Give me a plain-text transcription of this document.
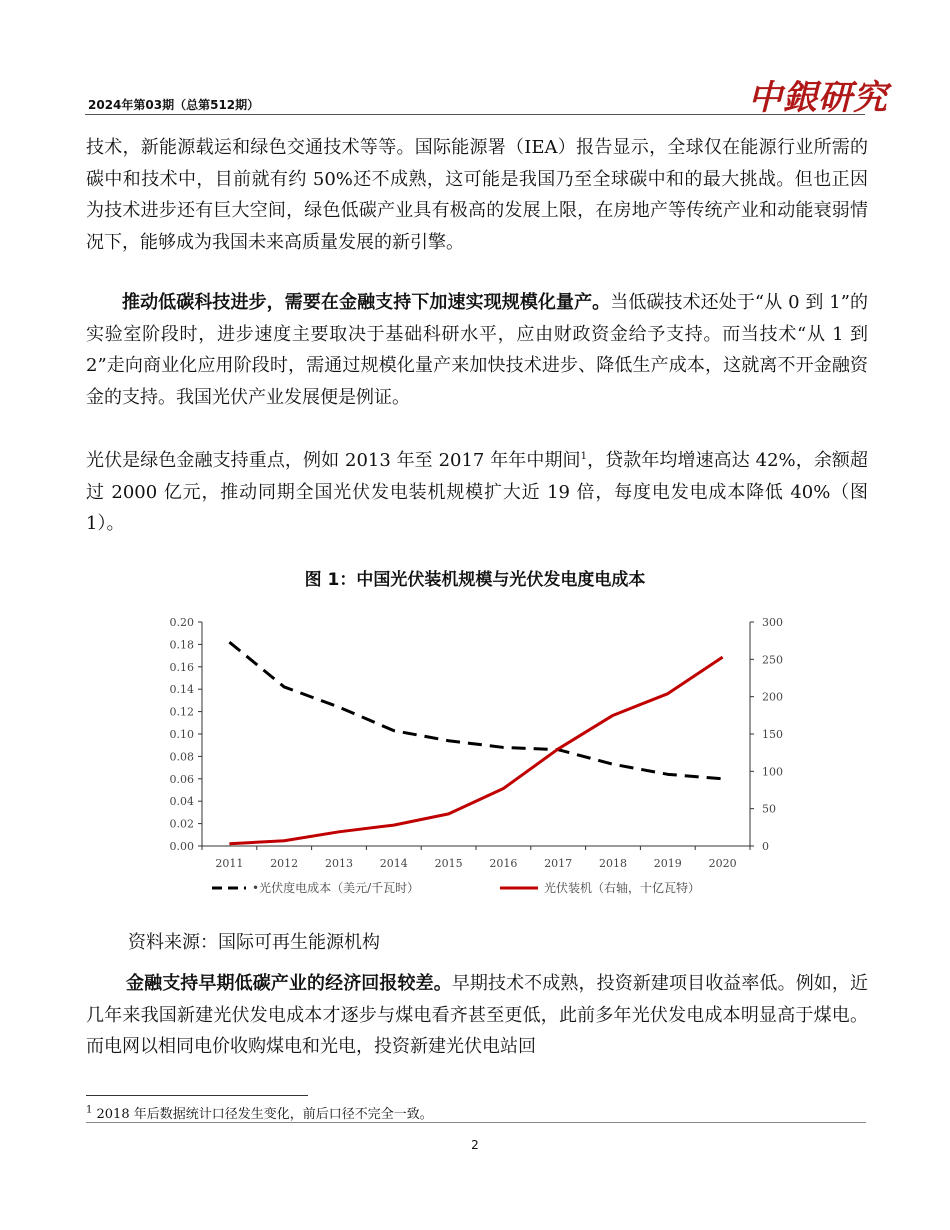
2024年第03期（总第512期）	中銀研究

技术，新能源载运和绿色交通技术等等。国际能源署（IEA）报告显示，全球仅在能源行业所需的碳中和技术中，目前就有约 50%还不成熟，这可能是我国乃至全球碳中和的最大挑战。但也正因为技术进步还有巨大空间，绿色低碳产业具有极高的发展上限，在房地产等传统产业和动能衰弱情况下，能够成为我国未来高质量发展的新引擎。

推动低碳科技进步，需要在金融支持下加速实现规模化量产。当低碳技术还处于“从 0 到 1”的实验室阶段时，进步速度主要取决于基础科研水平，应由财政资金给予支持。而当技术“从 1 到 2”走向商业化应用阶段时，需通过规模化量产来加快技术进步、降低生产成本，这就离不开金融资金的支持。我国光伏产业发展便是例证。

光伏是绿色金融支持重点，例如 2013 年至 2017 年年中期间$^1$，贷款年均增速高达 42%，余额超过 2000 亿元，推动同期全国光伏发电装机规模扩大近 19 倍，每度电发电成本降低 40%（图 1）。

图 1：中国光伏装机规模与光伏发电度电成本
0.00
0.02
0.04
0.06
0.08
0.10
0.12
0.14
0.16
0.18
0.20
0
50
100
150
200
250
300
2011 2012 2013 2014 2015 2016 2017 2018 2019 2020
•光伏度电成本（美元/千瓦时）	光伏装机（右轴，十亿瓦特）
资料来源：国际可再生能源机构

金融支持早期低碳产业的经济回报较差。早期技术不成熟，投资新建项目收益率低。例如，近几年来我国新建光伏发电成本才逐步与煤电看齐甚至更低，此前多年光伏发电成本明显高于煤电。而电网以相同电价收购煤电和光电，投资新建光伏电站回

$^1$ 2018 年后数据统计口径发生变化，前后口径不完全一致。
2
